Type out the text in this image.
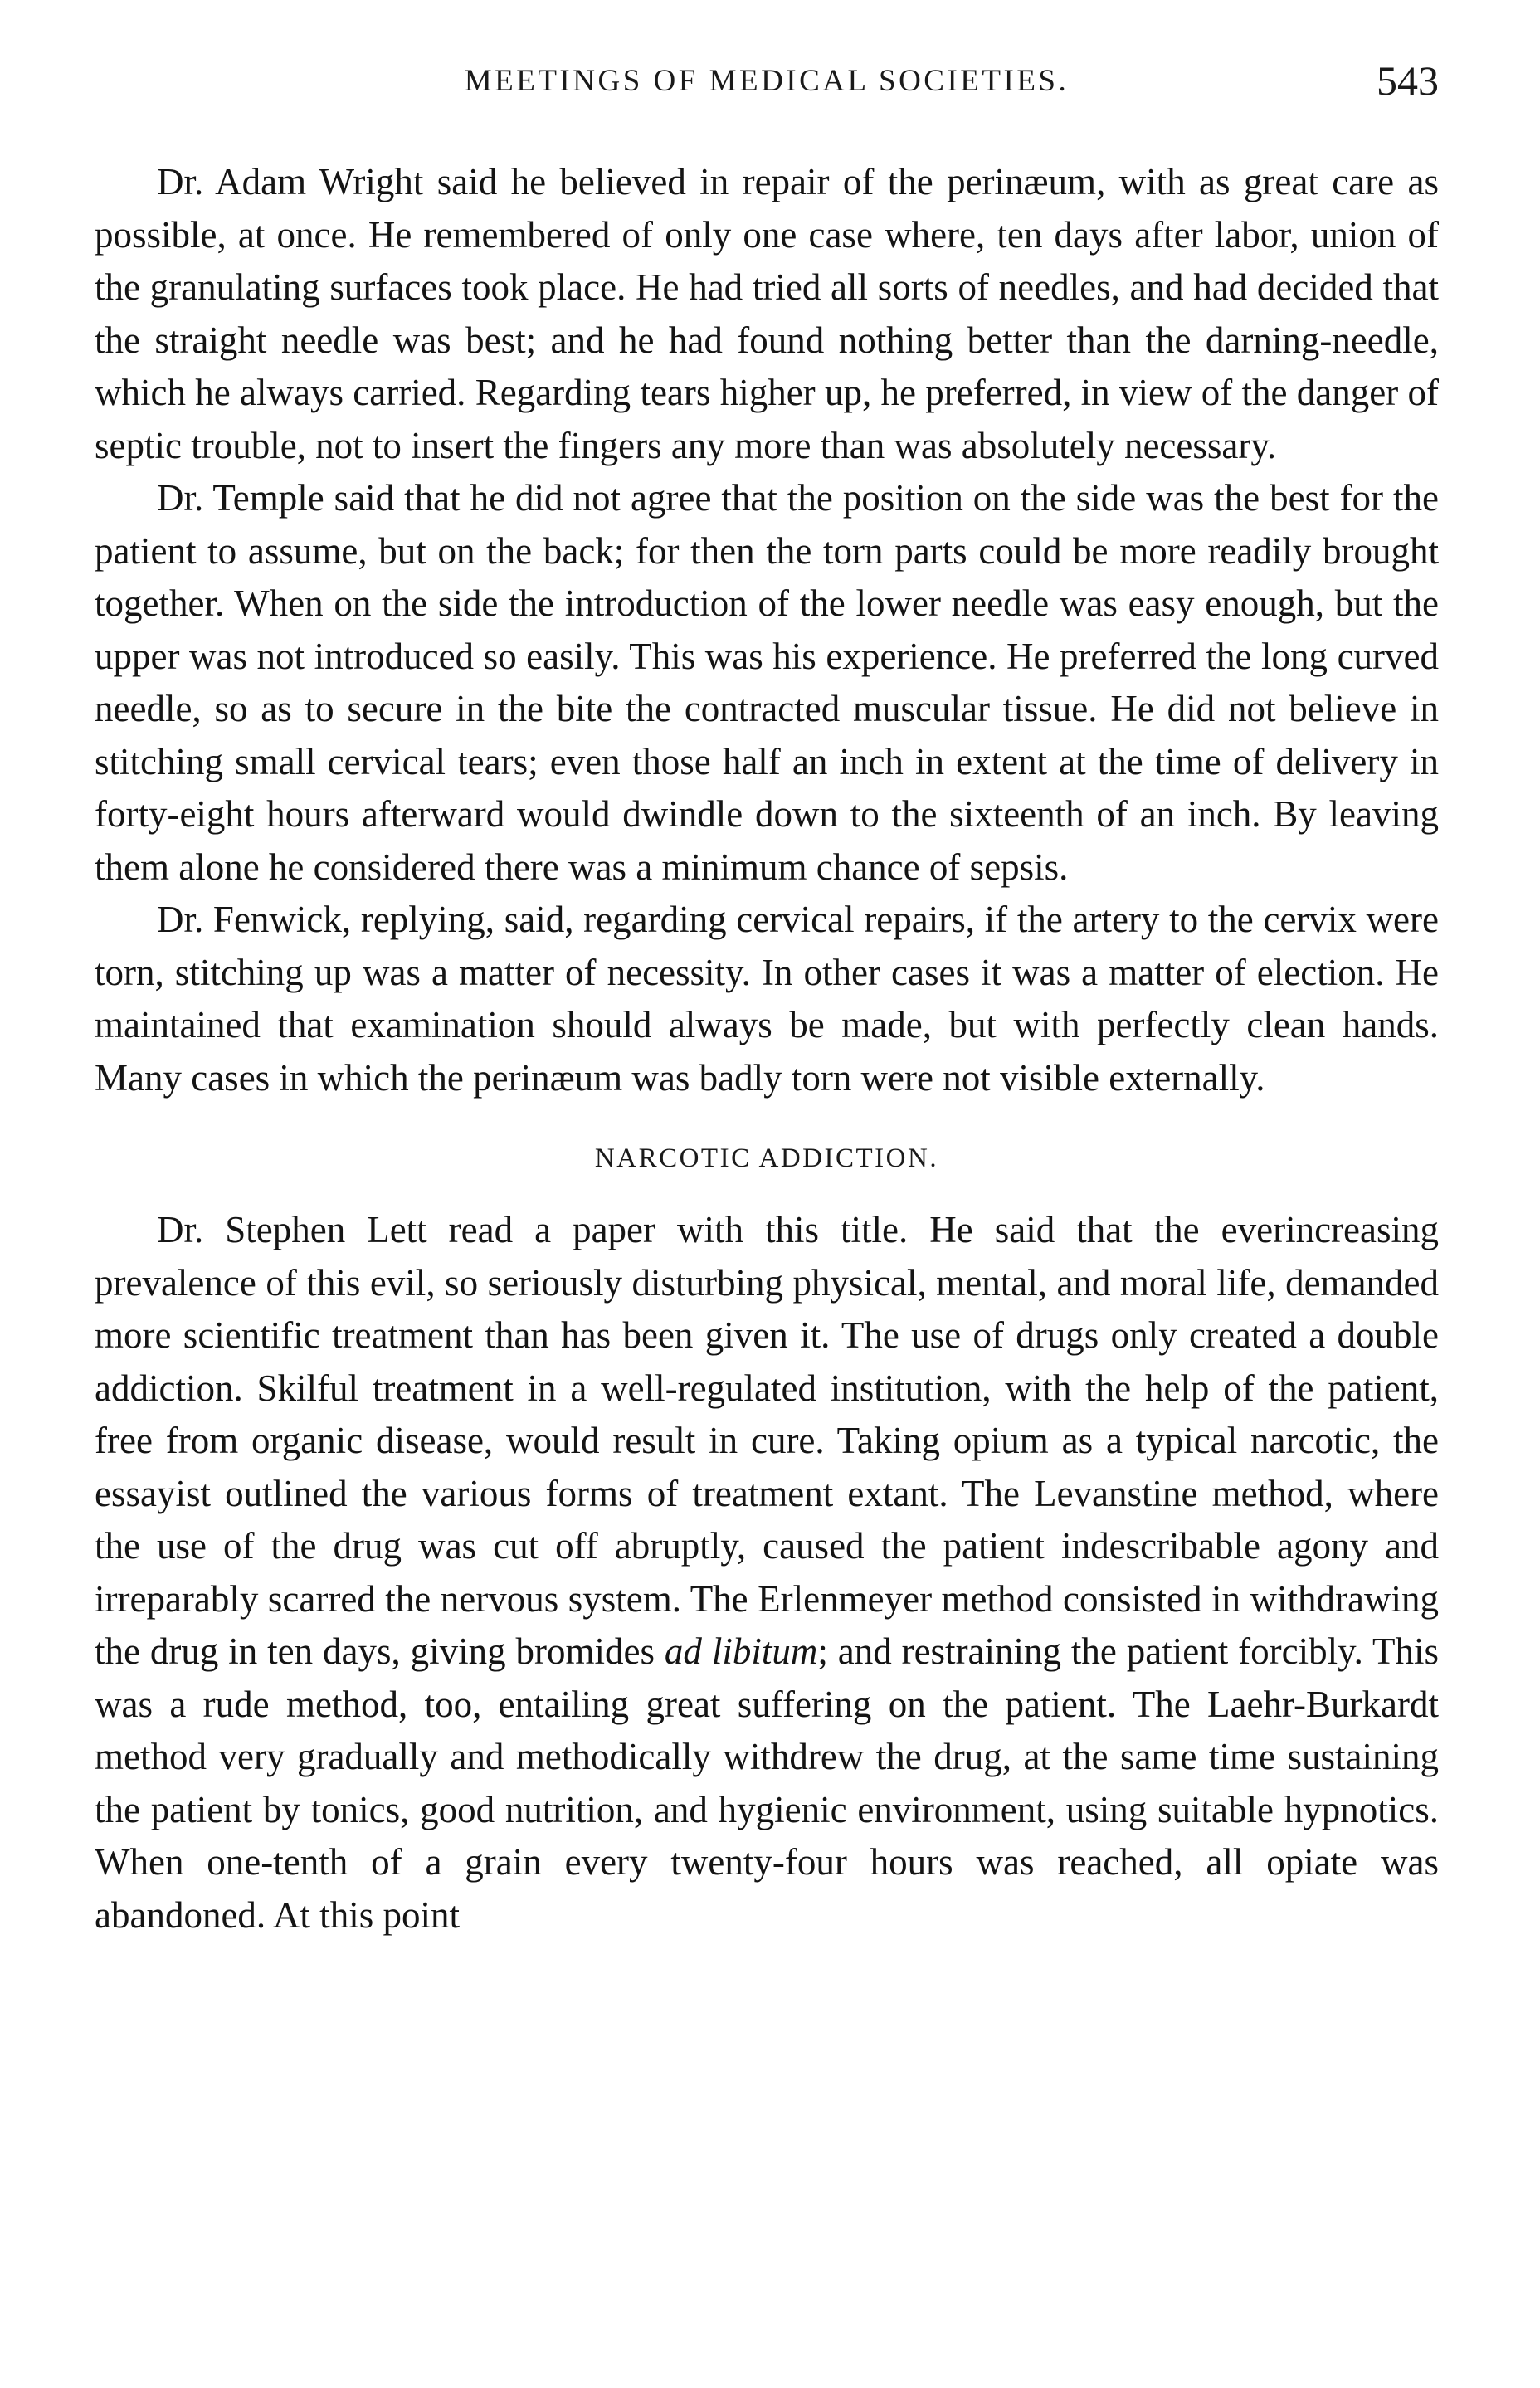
MEETINGS OF MEDICAL SOCIETIES.	543

Dr. Adam Wright said he believed in repair of the perinæum, with as great care as possible, at once. He remembered of only one case where, ten days after labor, union of the granulating surfaces took place. He had tried all sorts of needles, and had decided that the straight needle was best; and he had found nothing better than the darning-needle, which he always carried. Regarding tears higher up, he preferred, in view of the danger of septic trouble, not to insert the fingers any more than was absolutely necessary.

Dr. Temple said that he did not agree that the position on the side was the best for the patient to assume, but on the back; for then the torn parts could be more readily brought together. When on the side the introduction of the lower needle was easy enough, but the upper was not introduced so easily. This was his experience. He preferred the long curved needle, so as to secure in the bite the contracted muscular tissue. He did not believe in stitching small cervical tears; even those half an inch in extent at the time of delivery in forty-eight hours afterward would dwindle down to the sixteenth of an inch. By leaving them alone he considered there was a minimum chance of sepsis.

Dr. Fenwick, replying, said, regarding cervical repairs, if the artery to the cervix were torn, stitching up was a matter of necessity. In other cases it was a matter of election. He maintained that examination should always be made, but with perfectly clean hands. Many cases in which the perinæum was badly torn were not visible externally.

NARCOTIC ADDICTION.

Dr. Stephen Lett read a paper with this title. He said that the everincreasing prevalence of this evil, so seriously disturbing physical, mental, and moral life, demanded more scientific treatment than has been given it. The use of drugs only created a double addiction. Skilful treatment in a well-regulated institution, with the help of the patient, free from organic disease, would result in cure. Taking opium as a typical narcotic, the essayist outlined the various forms of treatment extant. The Levanstine method, where the use of the drug was cut off abruptly, caused the patient indescribable agony and irreparably scarred the nervous system. The Erlenmeyer method consisted in withdrawing the drug in ten days, giving bromides ad libitum; and restraining the patient forcibly. This was a rude method, too, entailing great suffering on the patient. The Laehr-Burkardt method very gradually and methodically withdrew the drug, at the same time sustaining the patient by tonics, good nutrition, and hygienic environment, using suitable hypnotics. When one-tenth of a grain every twenty-four hours was reached, all opiate was abandoned. At this point
